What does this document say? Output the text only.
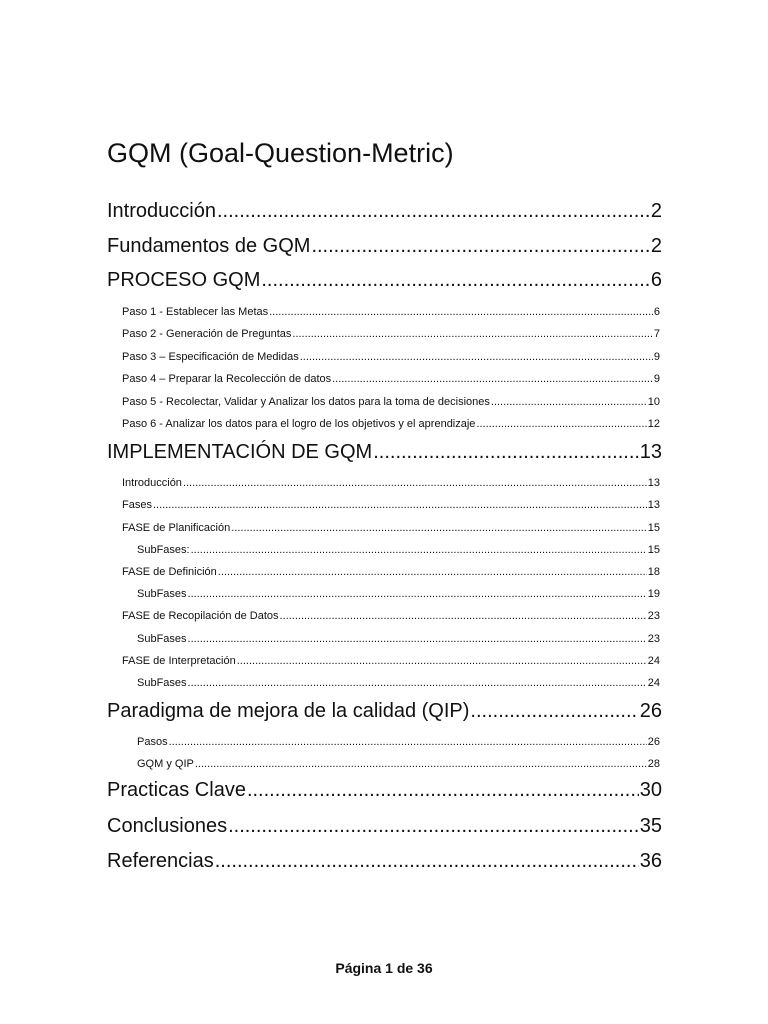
GQM (Goal-Question-Metric)
Introducción .....	2
Fundamentos de GQM .....	2
PROCESO GQM .....	6
Paso 1 - Establecer las Metas .....	6
Paso 2 - Generación de Preguntas .....	7
Paso 3 – Especificación de Medidas .....	9
Paso 4 – Preparar la Recolección de datos .....	9
Paso 5 - Recolectar, Validar y Analizar los datos para la toma de decisiones .....	10
Paso 6 - Analizar los datos para el logro de los objetivos y el aprendizaje .....	12
IMPLEMENTACIÓN DE GQM .....	13
Introducción .....	13
Fases .....	13
FASE de Planificación .....	15
SubFases: .....	15
FASE de Definición .....	18
SubFases .....	19
FASE de Recopilación de Datos .....	23
SubFases .....	23
FASE de Interpretación .....	24
SubFases .....	24
Paradigma de mejora de la calidad (QIP) .....	26
Pasos .....	26
GQM y QIP .....	28
Practicas Clave .....	30
Conclusiones .....	35
Referencias .....	36
Página 1 de 36
